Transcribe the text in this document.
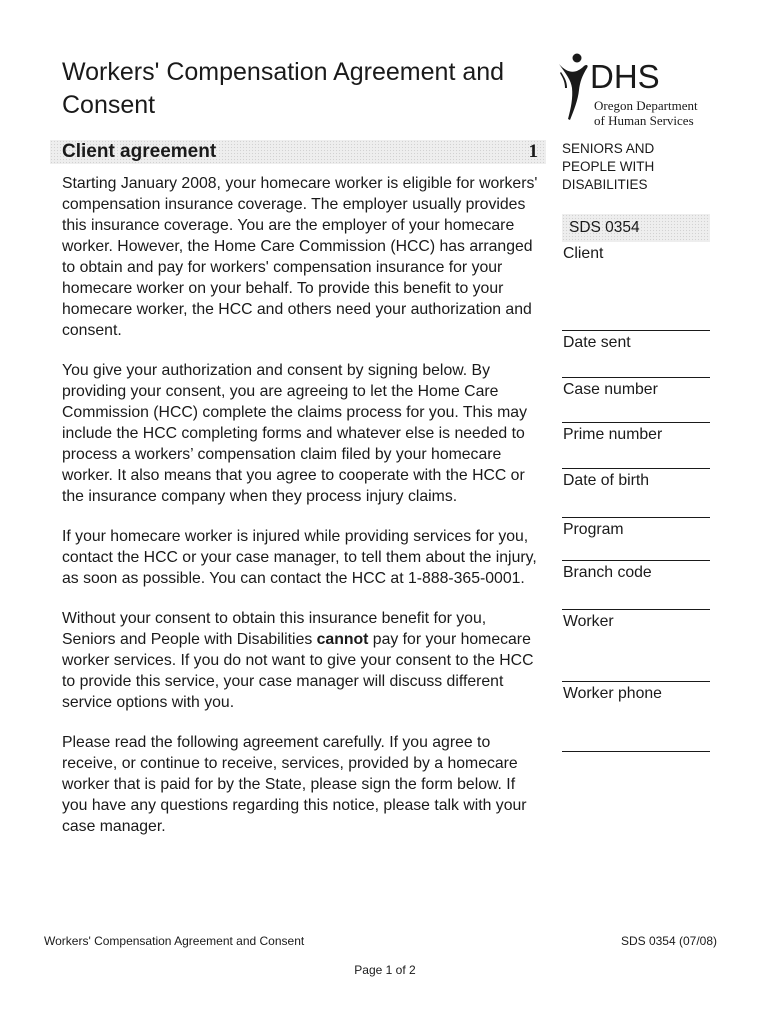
Workers' Compensation Agreement and Consent
DHS
Oregon Department
of Human Services
Client agreement	1

Starting January 2008, your homecare worker is eligible for workers' compensation insurance coverage. The employer usually provides this insurance coverage. You are the employer of your homecare worker. However, the Home Care Commission (HCC) has arranged to obtain and pay for workers' compensation insurance for your homecare worker on your behalf. To provide this benefit to your homecare worker, the HCC and others need your authorization and consent.

You give your authorization and consent by signing below. By providing your consent, you are agreeing to let the Home Care Commission (HCC) complete the claims process for you. This may include the HCC completing forms and whatever else is needed to process a workers’ compensation claim filed by your homecare worker. It also means that you agree to cooperate with the HCC or the insurance company when they process injury claims.

If your homecare worker is injured while providing services for you, contact the HCC or your case manager, to tell them about the injury, as soon as possible. You can contact the HCC at 1-888-365-0001.

Without your consent to obtain this insurance benefit for you, Seniors and People with Disabilities cannot pay for your homecare worker services. If you do not want to give your consent to the HCC to provide this service, your case manager will discuss different service options with you.

Please read the following agreement carefully. If you agree to receive, or continue to receive, services, provided by a homecare worker that is paid for by the State, please sign the form below. If you have any questions regarding this notice, please talk with your case manager.

SENIORS AND PEOPLE WITH DISABILITIES
SDS 0354
Client
Date sent
Case number
Prime number
Date of birth
Program
Branch code
Worker
Worker phone
Workers' Compensation Agreement and Consent	SDS 0354 (07/08)
Page 1 of 2
